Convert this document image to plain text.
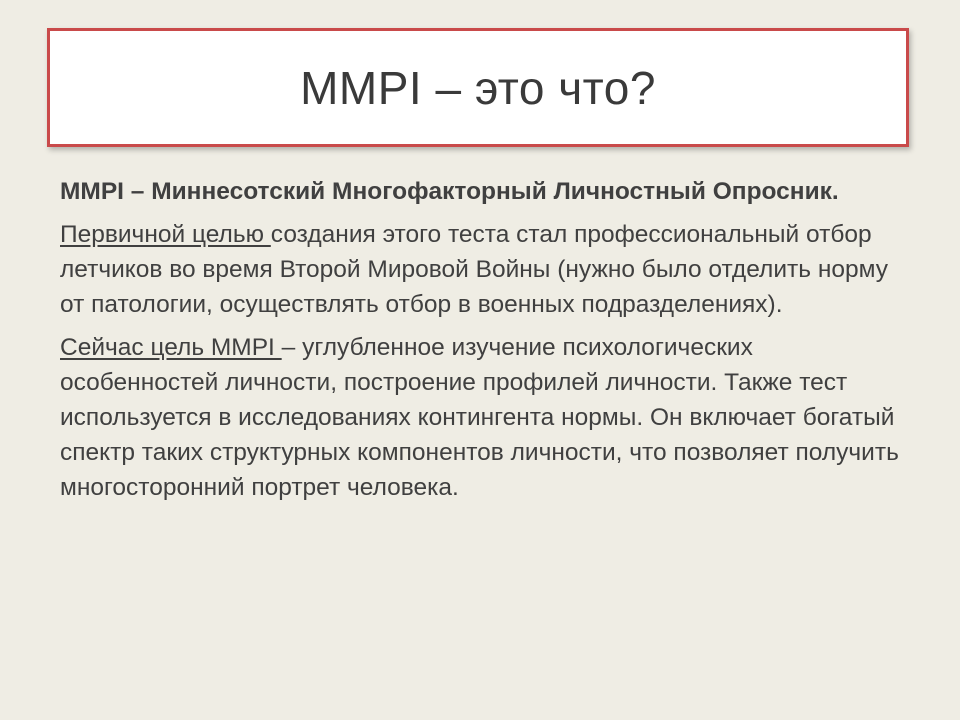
MMPI – это что?

MMPI – Миннесотский Многофакторный Личностный Опросник.

Первичной целью создания этого теста стал профессиональный отбор летчиков во время Второй Мировой Войны (нужно было отделить норму от патологии, осуществлять отбор в военных подразделениях).

Сейчас цель MMPI – углубленное изучение психологических особенностей личности, построение профилей личности. Также тест используется в исследованиях контингента нормы. Он включает богатый спектр таких структурных компонентов личности, что позволяет получить многосторонний портрет человека.
